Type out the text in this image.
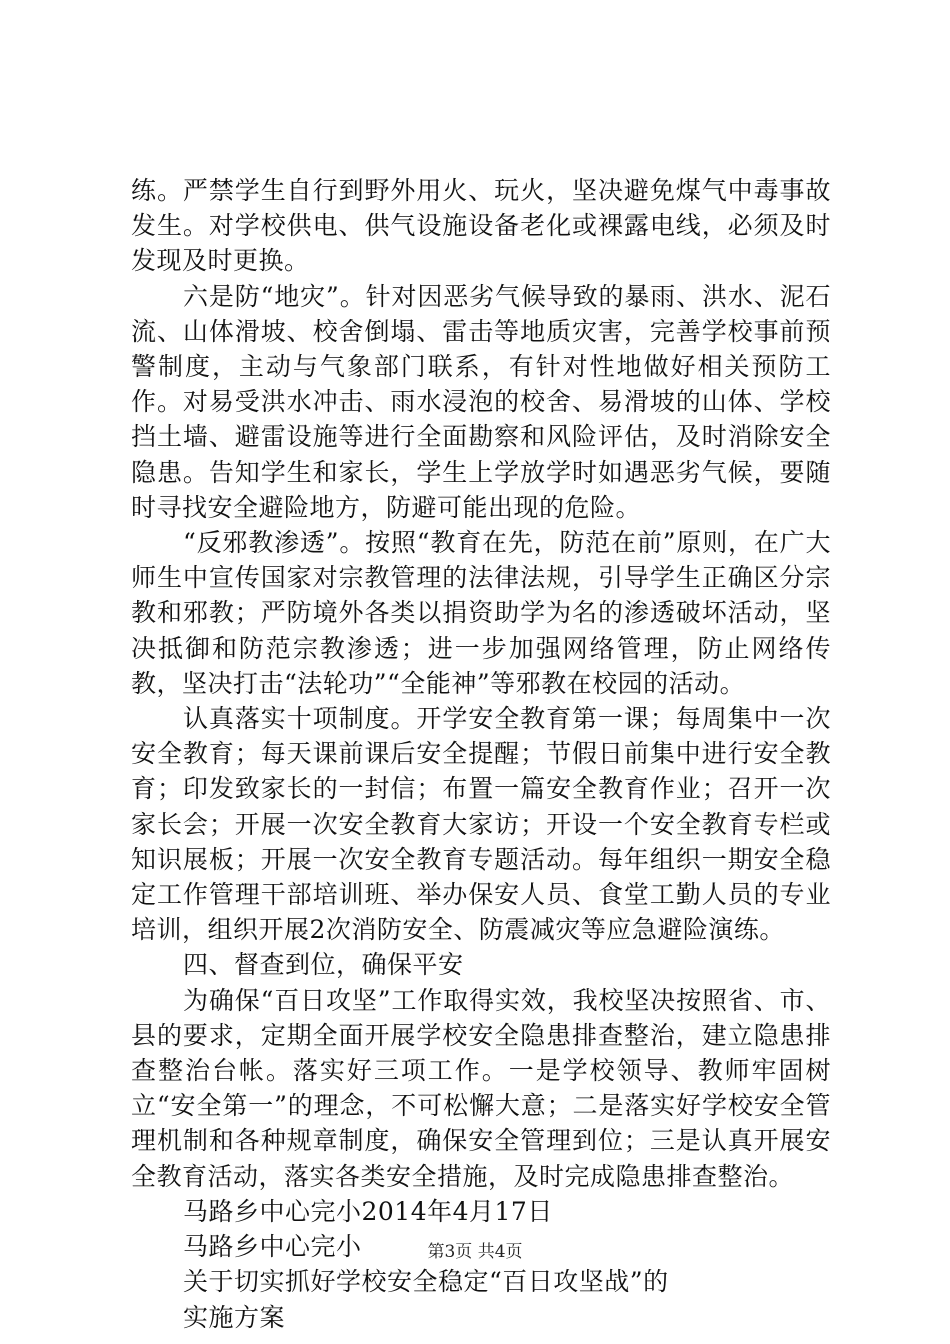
练。严禁学生自行到野外用火、玩火，坚决避免煤气中毒事故发生。对学校供电、供气设施设备老化或裸露电线，必须及时发现及时更换。

六是防“地灾”。针对因恶劣气候导致的暴雨、洪水、泥石流、山体滑坡、校舍倒塌、雷击等地质灾害，完善学校事前预警制度，主动与气象部门联系，有针对性地做好相关预防工作。对易受洪水冲击、雨水浸泡的校舍、易滑坡的山体、学校挡土墙、避雷设施等进行全面勘察和风险评估，及时消除安全隐患。告知学生和家长，学生上学放学时如遇恶劣气候，要随时寻找安全避险地方，防避可能出现的危险。

“反邪教渗透”。按照“教育在先，防范在前”原则，在广大师生中宣传国家对宗教管理的法律法规，引导学生正确区分宗教和邪教；严防境外各类以捐资助学为名的渗透破坏活动，坚决抵御和防范宗教渗透；进一步加强网络管理，防止网络传教，坚决打击“法轮功”“全能神”等邪教在校园的活动。

认真落实十项制度。开学安全教育第一课；每周集中一次安全教育；每天课前课后安全提醒；节假日前集中进行安全教育；印发致家长的一封信；布置一篇安全教育作业；召开一次家长会；开展一次安全教育大家访；开设一个安全教育专栏或知识展板；开展一次安全教育专题活动。每年组织一期安全稳定工作管理干部培训班、举办保安人员、食堂工勤人员的专业培训，组织开展2次消防安全、防震减灾等应急避险演练。

四、督查到位，确保平安

为确保“百日攻坚”工作取得实效，我校坚决按照省、市、县的要求，定期全面开展学校安全隐患排查整治，建立隐患排查整治台帐。落实好三项工作。一是学校领导、教师牢固树立“安全第一”的理念，不可松懈大意；二是落实好学校安全管理机制和各种规章制度，确保安全管理到位；三是认真开展安全教育活动，落实各类安全措施，及时完成隐患排查整治。

马路乡中心完小2014年4月17日

马路乡中心完小

关于切实抓好学校安全稳定“百日攻坚战”的

实施方案

第3页 共4页
